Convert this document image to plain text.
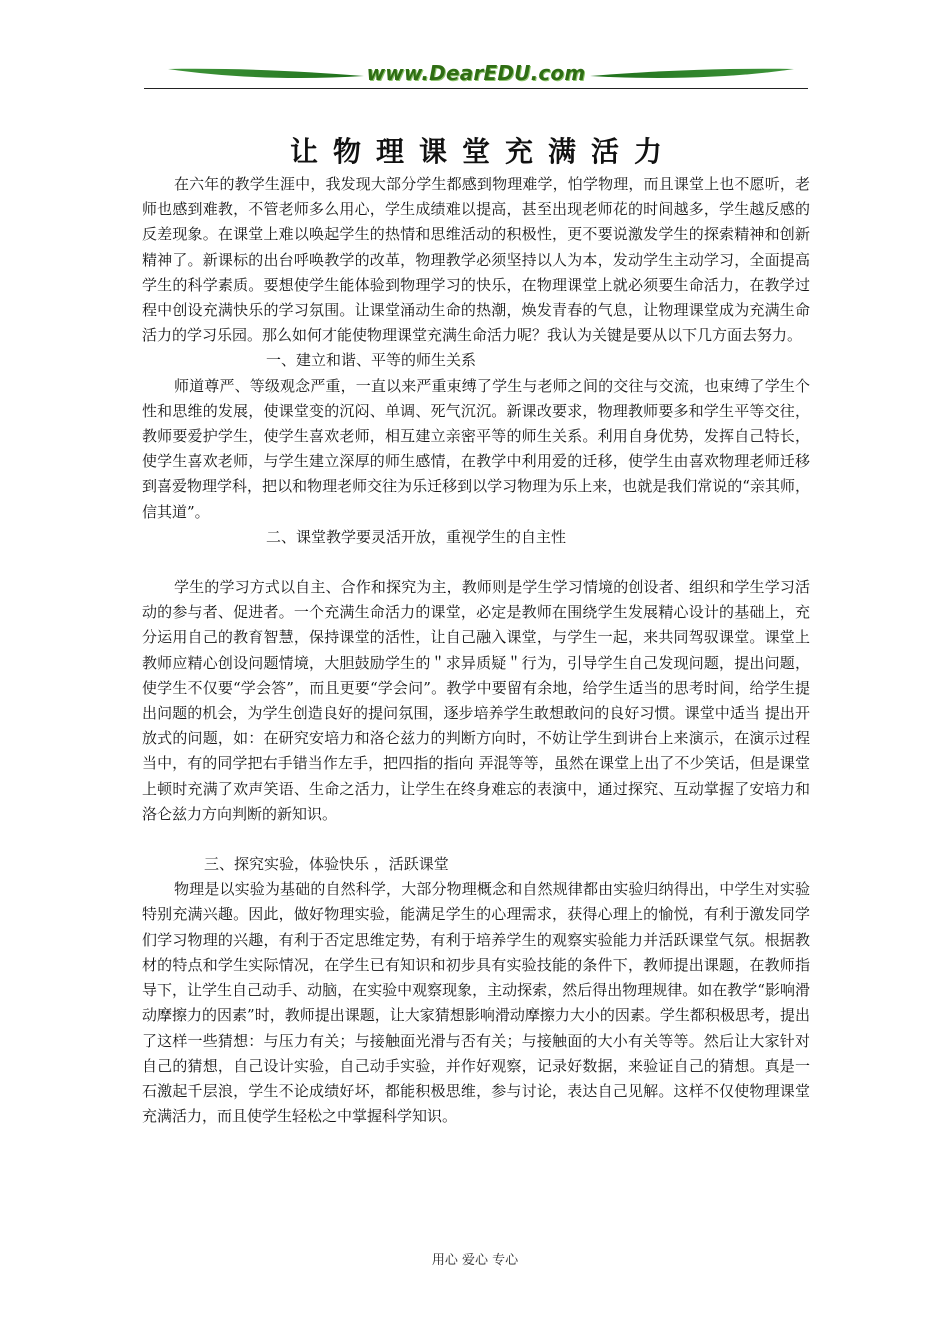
www.DearEDU.com
让物理课堂充满活力

在六年的教学生涯中，我发现大部分学生都感到物理难学，怕学物理，而且课堂上也不愿听，老师也感到难教，不管老师多么用心，学生成绩难以提高，甚至出现老师花的时间越多，学生越反感的反差现象。在课堂上难以唤起学生的热情和思维活动的积极性，更不要说激发学生的探索精神和创新精神了。新课标的出台呼唤教学的改革，物理教学必须坚持以人为本，发动学生主动学习，全面提高学生的科学素质。要想使学生能体验到物理学习的快乐，在物理课堂上就必须要生命活力，在教学过程中创设充满快乐的学习氛围。让课堂涌动生命的热潮，焕发青春的气息，让物理课堂成为充满生命活力的学习乐园。那么如何才能使物理课堂充满生命活力呢？我认为关键是要从以下几方面去努力。

一、建立和谐、平等的师生关系

师道尊严、等级观念严重，一直以来严重束缚了学生与老师之间的交往与交流，也束缚了学生个性和思维的发展，使课堂变的沉闷、单调、死气沉沉。新课改要求，物理教师要多和学生平等交往，教师要爱护学生，使学生喜欢老师，相互建立亲密平等的师生关系。利用自身优势，发挥自己特长，使学生喜欢老师，与学生建立深厚的师生感情，在教学中利用爱的迁移，使学生由喜欢物理老师迁移到喜爱物理学科，把以和物理老师交往为乐迁移到以学习物理为乐上来，也就是我们常说的“亲其师，信其道”。

二、课堂教学要灵活开放，重视学生的自主性

学生的学习方式以自主、合作和探究为主，教师则是学生学习情境的创设者、组织和学生学习活动的参与者、促进者。一个充满生命活力的课堂，必定是教师在围绕学生发展精心设计的基础上，充分运用自己的教育智慧，保持课堂的活性，让自己融入课堂，与学生一起，来共同驾驭课堂。课堂上教师应精心创设问题情境，大胆鼓励学生的＂求异质疑＂行为，引导学生自己发现问题，提出问题，使学生不仅要“学会答”，而且更要“学会问”。教学中要留有余地，给学生适当的思考时间，给学生提出问题的机会，为学生创造良好的提问氛围，逐步培养学生敢想敢问的良好习惯。课堂中适当 提出开放式的问题，如：在研究安培力和洛仑兹力的判断方向时，不妨让学生到讲台上来演示，在演示过程当中，有的同学把右手错当作左手，把四指的指向 弄混等等，虽然在课堂上出了不少笑话，但是课堂上顿时充满了欢声笑语、生命之活力，让学生在终身难忘的表演中，通过探究、互动掌握了安培力和洛仑兹力方向判断的新知识。

三、探究实验，体验快乐 ，活跃课堂

物理是以实验为基础的自然科学，大部分物理概念和自然规律都由实验归纳得出，中学生对实验特别充满兴趣。因此，做好物理实验，能满足学生的心理需求，获得心理上的愉悦，有利于激发同学们学习物理的兴趣，有利于否定思维定势，有利于培养学生的观察实验能力并活跃课堂气氛。根据教材的特点和学生实际情况，在学生已有知识和初步具有实验技能的条件下，教师提出课题，在教师指导下，让学生自己动手、动脑，在实验中观察现象，主动探索，然后得出物理规律。如在教学“影响滑动摩擦力的因素”时，教师提出课题，让大家猜想影响滑动摩擦力大小的因素。学生都积极思考，提出了这样一些猜想：与压力有关；与接触面光滑与否有关；与接触面的大小有关等等。然后让大家针对自己的猜想，自己设计实验，自己动手实验，并作好观察，记录好数据，来验证自己的猜想。真是一石激起千层浪，学生不论成绩好坏，都能积极思维，参与讨论，表达自己见解。这样不仅使物理课堂充满活力，而且使学生轻松之中掌握科学知识。

用心 爱心 专心
